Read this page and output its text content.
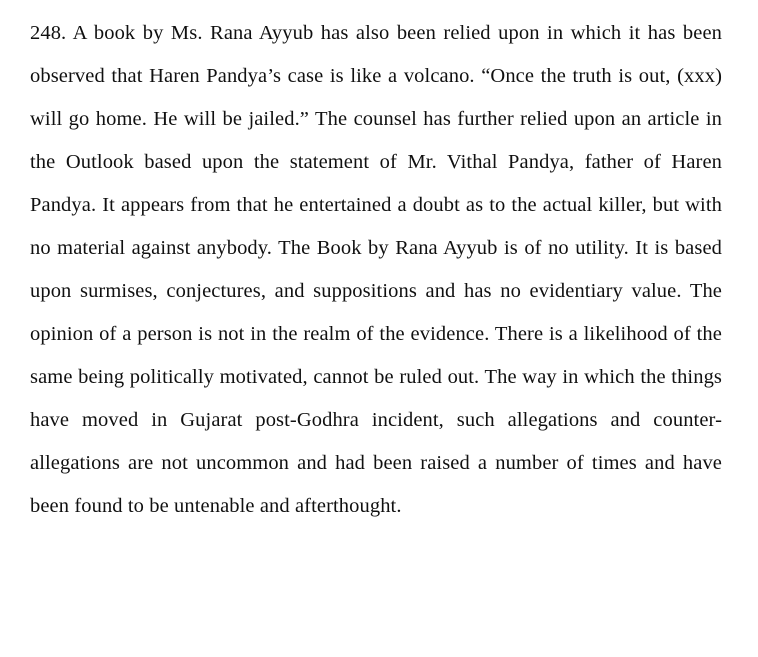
248. A book by Ms. Rana Ayyub has also been relied upon in which it has been observed that Haren Pandya’s case is like a volcano. “Once the truth is out, (xxx) will go home. He will be jailed.” The counsel has further relied upon an article in the Outlook based upon the statement of Mr. Vithal Pandya, father of Haren Pandya. It appears from that he entertained a doubt as to the actual killer, but with no material against anybody. The Book by Rana Ayyub is of no utility. It is based upon surmises, conjectures, and suppositions and has no evidentiary value. The opinion of a person is not in the realm of the evidence. There is a likelihood of the same being politically motivated, cannot be ruled out. The way in which the things have moved in Gujarat post-Godhra incident, such allegations and counter-allegations are not uncommon and had been raised a number of times and have been found to be untenable and afterthought.
